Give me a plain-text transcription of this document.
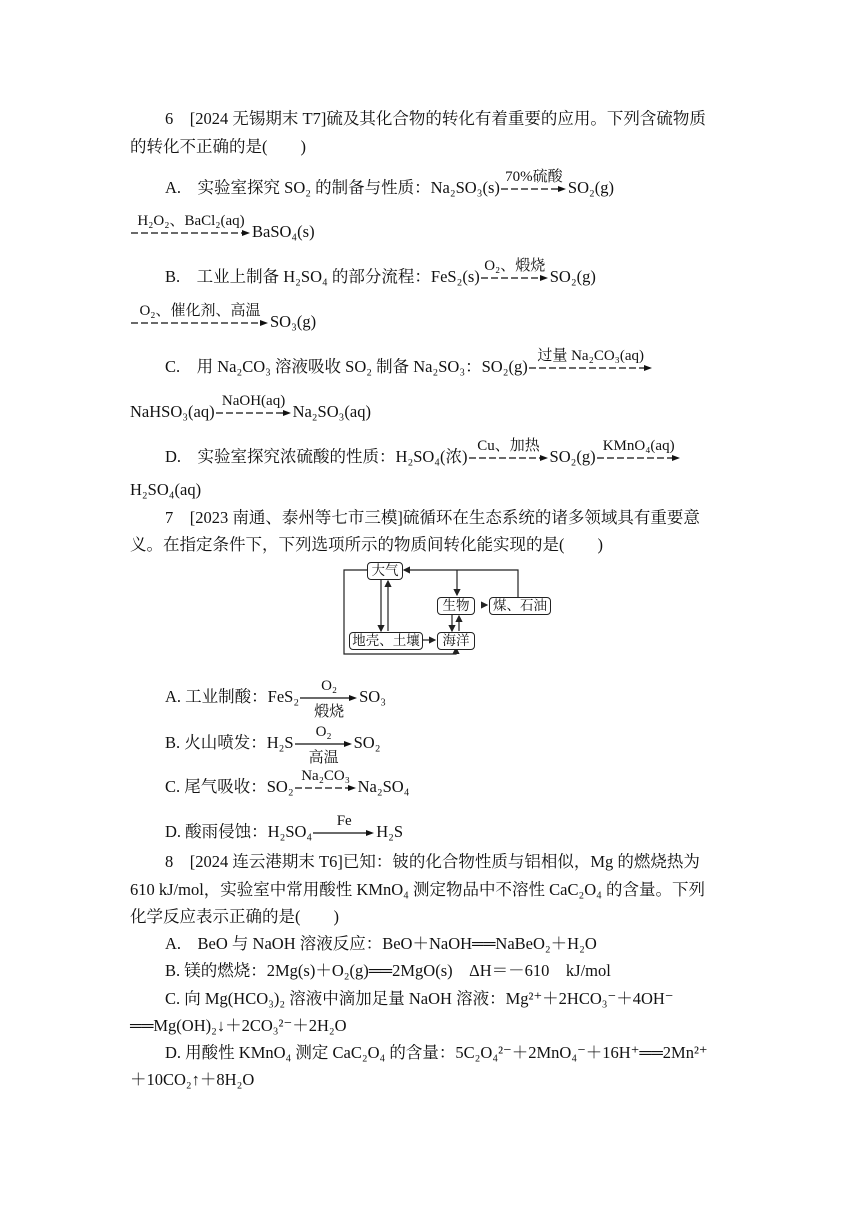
6　[2024 无锡期末 T7]硫及其化合物的转化有着重要的应用。下列含硫物质
的转化不正确的是(　　)
A.　实验室探究 SO₂ 的制备与性质：Na₂SO₃(s)
70%硫酸
SO₂(g)
H₂O₂、BaCl₂(aq)
BaSO₄(s)
B.　工业上制备 H₂SO₄ 的部分流程：FeS₂(s)
O₂、煅烧
SO₂(g)
O₂、催化剂、高温
SO₃(g)
C.　用 Na₂CO₃ 溶液吸收 SO₂ 制备 Na₂SO₃：SO₂(g)
过量 Na₂CO₃(aq)
NaHSO₃(aq)
NaOH(aq)
Na₂SO₃(aq)
D.　实验室探究浓硫酸的性质：H₂SO₄(浓)
Cu、加热
SO₂(g)
KMnO₄(aq)
H₂SO₄(aq)
7　[2023 南通、泰州等七市三模]硫循环在生态系统的诸多领域具有重要意
义。在指定条件下，下列选项所示的物质间转化能实现的是(　　)
大气
生物	煤、石油
地壳、土壤	海洋
A. 工业制酸：FeS₂
O₂
煅烧
SO₃
B. 火山喷发：H₂S
O₂
高温
SO₂
C. 尾气吸收：SO₂
Na₂CO₃
Na₂SO₄
D. 酸雨侵蚀：H₂SO₄
Fe
H₂S
8　[2024 连云港期末 T6]已知：铍的化合物性质与铝相似，Mg 的燃烧热为
610 kJ/mol，实验室中常用酸性 KMnO₄ 测定物品中不溶性 CaC₂O₄ 的含量。下列
化学反应表示正确的是(　　)
A.　BeO 与 NaOH 溶液反应：BeO＋NaOH══NaBeO₂＋H₂O
B. 镁的燃烧：2Mg(s)＋O₂(g)══2MgO(s)　ΔH＝－610　kJ/mol
C. 向 Mg(HCO₃)₂ 溶液中滴加足量 NaOH 溶液：Mg²⁺＋2HCO₃⁻＋4OH⁻
══Mg(OH)₂↓＋2CO₃²⁻＋2H₂O
D. 用酸性 KMnO₄ 测定 CaC₂O₄ 的含量：5C₂O₄²⁻＋2MnO₄⁻＋16H⁺══2Mn²⁺
＋10CO₂↑＋8H₂O
